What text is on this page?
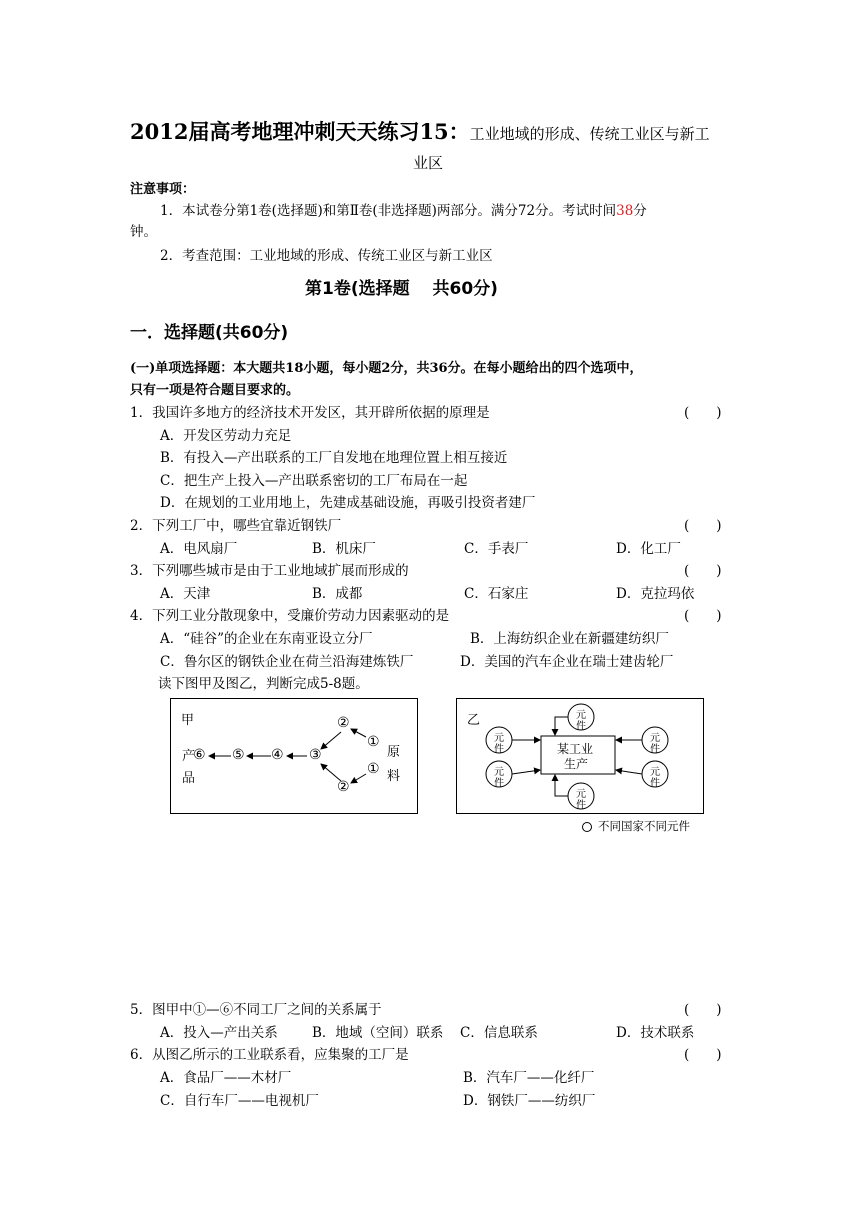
2012届高考地理冲刺天天练习15：工业地域的形成、传统工业区与新工
业区
注意事项：
1．本试卷分第1卷(选择题)和第Ⅱ卷(非选择题)两部分。满分72分。考试时间38分
钟。
2．考查范围：工业地域的形成、传统工业区与新工业区
第1卷(选择题　 共60分)
一．选择题(共60分)
(一)单项选择题：本大题共18小题，每小题2分，共36分。在每小题给出的四个选项中，
只有一项是符合题目要求的。
1．我国许多地方的经济技术开发区，其开辟所依据的原理是	(　　)
A．开发区劳动力充足
B．有投入—产出联系的工厂自发地在地理位置上相互接近
C．把生产上投入—产出联系密切的工厂布局在一起
D．在规划的工业用地上，先建成基础设施，再吸引投资者建厂
2．下列工厂中，哪些宜靠近钢铁厂	(　　)
A．电风扇厂	B．机床厂	C．手表厂	D．化工厂
3．下列哪些城市是由于工业地域扩展而形成的	(　　)
A．天津	B．成都	C．石家庄	D．克拉玛依
4．下列工业分散现象中，受廉价劳动力因素驱动的是	(　　)
A．“硅谷”的企业在东南亚设立分厂	B．上海纺织企业在新疆建纺织厂
C．鲁尔区的钢铁企业在荷兰沿海建炼铁厂	D．美国的汽车企业在瑞士建齿轮厂
读下图甲及图乙，判断完成5-8题。
甲
产
品
原
料
⑥ ⑤ ④ ③
②
①
①
②
乙
某工业
生产
元
件
元
件
元
件
元
件
元
件
元
件
不同国家不同元件
5．图甲中①—⑥不同工厂之间的关系属于	(　　)
A．投入—产出关系	B．地域（空间）联系 C．信息联系	D．技术联系
6．从图乙所示的工业联系看，应集聚的工厂是	(　　)
A．食品厂——木材厂	B．汽车厂——化纤厂
C．自行车厂——电视机厂	D．钢铁厂——纺织厂
